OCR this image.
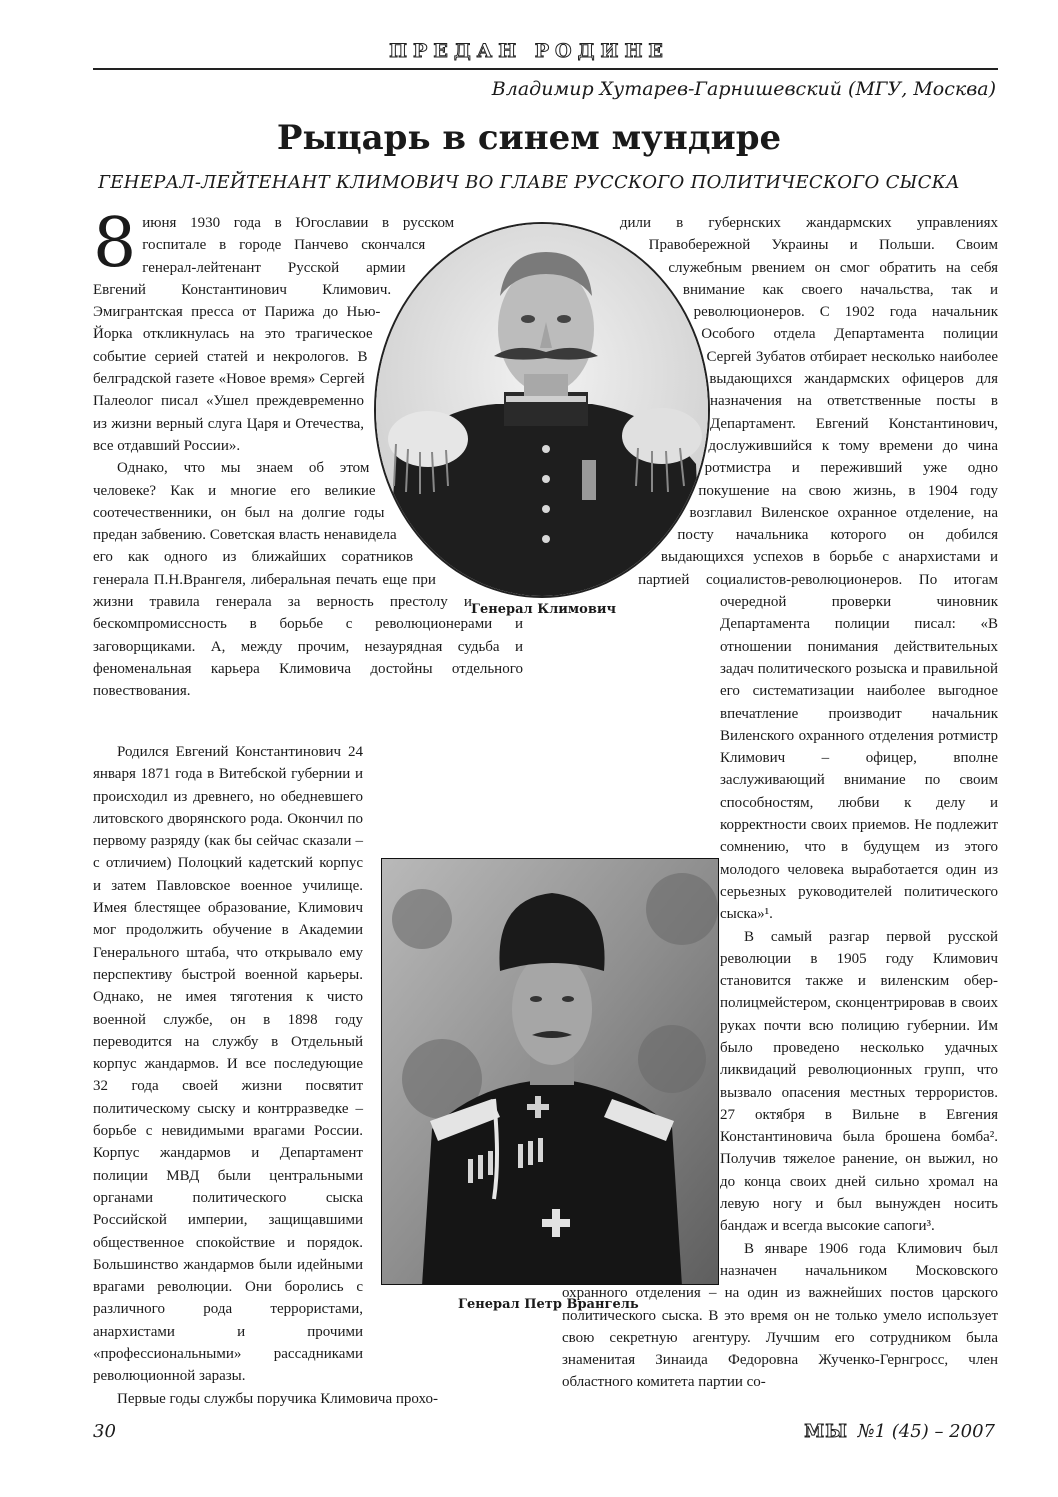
ПРЕДАН РОДИНЕ
Владимир Хутарев-Гарнишевский (МГУ, Москва)
Рыцарь в синем мундире
ГЕНЕРАЛ-ЛЕЙТЕНАНТ КЛИМОВИЧ ВО ГЛАВЕ РУССКОГО ПОЛИТИЧЕСКОГО СЫСКА
8 июня 1930 года в Югославии в русском госпитале в городе Панчево скончался генерал-лейтенант Русской армии Евгений Константинович Климович. Эмигрантская пресса от Парижа до Нью-Йорка откликнулась на это трагическое событие серией статей и некрологов. В белградской газете «Новое время» Сергей Палеолог писал «Ушел преждевременно из жизни верный слуга Царя и Отечества, все отдавший России».

Однако, что мы знаем об этом человеке? Как и многие его великие соотечественники, он был на долгие годы предан забвению. Советская власть ненавидела его как одного из ближайших соратников генерала П.Н.Врангеля, либеральная печать еще при жизни травила генерала за верность престолу и бескомпромиссность в борьбе с революционерами и заговорщиками. А, между прочим, незаурядная судьба и феноменальная карьера Климовича достойны отдельного повествования.

Родился Евгений Константинович 24 января 1871 года в Витебской губернии и происходил из древнего, но обедневшего литовского дворянского рода. Окончил по первому разряду (как бы сейчас сказали – с отличием) Полоцкий кадетский корпус и затем Павловское военное училище. Имея блестящее образование, Климович мог продолжить обучение в Академии Генерального штаба, что открывало ему перспективу быстрой военной карьеры. Однако, не имея тяготения к чисто военной службе, он в 1898 году переводится на службу в Отдельный корпус жандармов. И все последующие 32 года своей жизни посвятит политическому сыску и контрразведке – борьбе с невидимыми врагами России. Корпус жандармов и Департамент полиции МВД были центральными органами политического сыска Российской империи, защищавшими общественное спокойствие и порядок. Большинство жандармов были идейными врагами революции. Они боролись с различного рода террористами, анархистами и прочими «профессиональными» рассадниками революционной заразы.

Первые годы службы поручика Климовича прохо-

дили в губернских жандармских управлениях Правобережной Украины и Польши. Своим служебным рвением он смог обратить на себя внимание как своего начальства, так и революционеров. С 1902 года начальник Особого отдела Департамента полиции Сергей Зубатов отбирает несколько наиболее выдающихся жандармских офицеров для назначения на ответственные посты в Департамент. Евгений Константинович, дослужившийся к тому времени до чина ротмистра и переживший уже одно покушение на свою жизнь, в 1904 году возглавил Виленское охранное отделение, на посту начальника которого он добился выдающихся успехов в борьбе с анархистами и партией социалистов-революционеров. По итогам очередной проверки чиновник Департамента полиции писал: «В отношении понимания действительных задач политического розыска и правильной его систематизации наиболее выгодное впечатление производит начальник Виленского охранного отделения ротмистр Климович – офицер, вполне заслуживающий внимание по своим способностям, любви к делу и корректности своих приемов. Не подлежит сомнению, что в будущем из этого молодого человека выработается один из серьезных руководителей политического сыска»¹.

В самый разгар первой русской революции в 1905 году Климович становится также и виленским обер-полицмейстером, сконцентрировав в своих руках почти всю полицию губернии. Им было проведено несколько удачных ликвидаций революционных групп, что вызвало опасения местных террористов. 27 октября в Вильне в Евгения Константиновича была брошена бомба². Получив тяжелое ранение, он выжил, но до конца своих дней сильно хромал на левую ногу и был вынужден носить бандаж и всегда высокие сапоги³.

В январе 1906 года Климович был назначен начальником Московского охранного отделения – на один из важнейших постов царского политического сыска. В это время он не только умело использует свою секретную агентуру. Лучшим его сотрудником была знаменитая Зинаида Федоровна Жученко-Гернгросс, член областного комитета партии со-

Генерал Климович
Генерал Петр Врангель
30	МЫ №1 (45) – 2007
